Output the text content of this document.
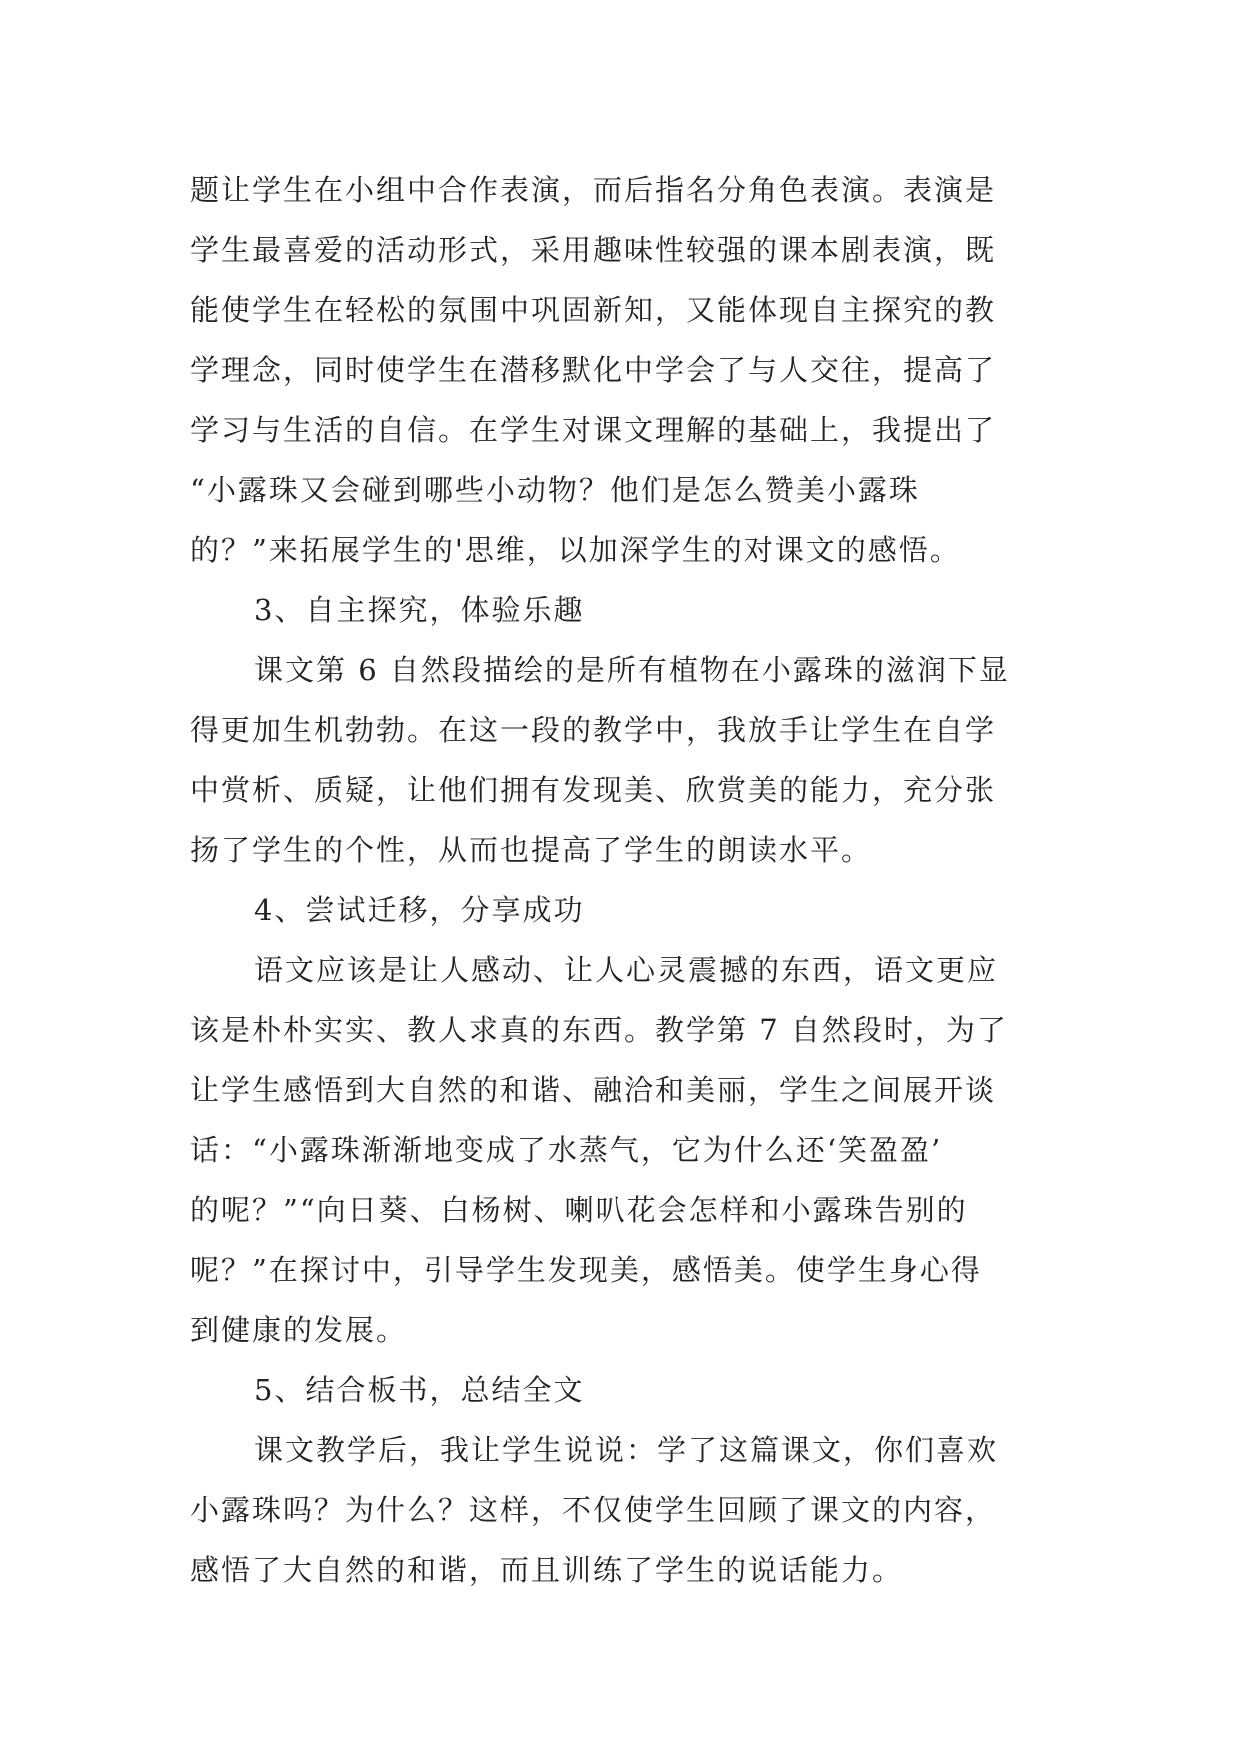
题让学生在小组中合作表演，而后指名分角色表演。表演是
学生最喜爱的活动形式，采用趣味性较强的课本剧表演，既
能使学生在轻松的氛围中巩固新知，又能体现自主探究的教
学理念，同时使学生在潜移默化中学会了与人交往，提高了
学习与生活的自信。在学生对课文理解的基础上，我提出了
“小露珠又会碰到哪些小动物？他们是怎么赞美小露珠
的？”来拓展学生的'思维，以加深学生的对课文的感悟。
3、自主探究，体验乐趣
课文第 6 自然段描绘的是所有植物在小露珠的滋润下显
得更加生机勃勃。在这一段的教学中，我放手让学生在自学
中赏析、质疑，让他们拥有发现美、欣赏美的能力，充分张
扬了学生的个性，从而也提高了学生的朗读水平。
4、尝试迁移，分享成功
语文应该是让人感动、让人心灵震撼的东西，语文更应
该是朴朴实实、教人求真的东西。教学第 7 自然段时，为了
让学生感悟到大自然的和谐、融洽和美丽，学生之间展开谈
话：“小露珠渐渐地变成了水蒸气，它为什么还‘笑盈盈’
的呢？”“向日葵、白杨树、喇叭花会怎样和小露珠告别的
呢？”在探讨中，引导学生发现美，感悟美。使学生身心得
到健康的发展。
5、结合板书，总结全文
课文教学后，我让学生说说：学了这篇课文，你们喜欢
小露珠吗？为什么？这样，不仅使学生回顾了课文的内容，
感悟了大自然的和谐，而且训练了学生的说话能力。
